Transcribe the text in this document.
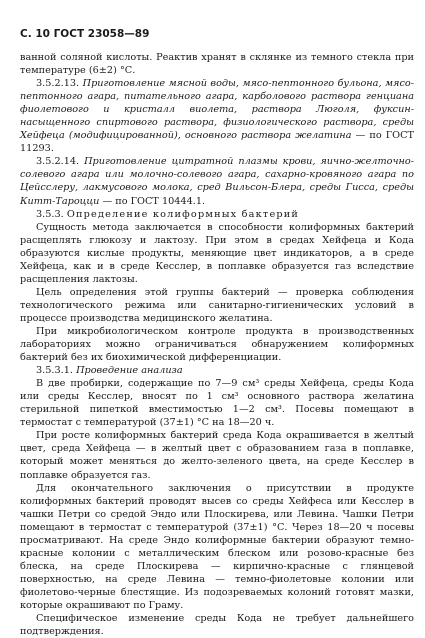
С. 10 ГОСТ 23058—89

ванной соляной кислоты. Реактив хранят в склянке из темного стекла при температуре (6±2) °С.

3.5.2.13. Приготовление мясной воды, мясо-пептонного бульона, мясо-пептонного агара, питательного агара, карболового раствора генциана фиолетового и кристалл виолета, раствора Люголя, фуксин-насыщенного спиртового раствора, физиологического раствора, среды Хейфеца (модифицированной), основного раствора желатина — по ГОСТ 11293.

3.5.2.14. Приготовление цитратной плазмы крови, яично-желточно-солевого агара или молочно-солевого агара, сахарно-кровяного агара по Цейсслеру, лакмусового молока, сред Вильсон-Блера, среды Гисса, среды Китт-Тароцци — по ГОСТ 10444.1.

3.5.3. Определение колиформных бактерий

Сущность метода заключается в способности колиформных бактерий расщеплять глюкозу и лактозу. При этом в средах Хейфеца и Кода образуются кислые продукты, меняющие цвет индикаторов, а в среде Хейфеца, как и в среде Кесслер, в поплавке образуется газ вследствие расщепления лактозы.

Цель определения этой группы бактерий — проверка соблюдения технологического режима или санитарно-гигиенических условий в процессе производства медицинского желатина.

При микробиологическом контроле продукта в производственных лабораториях можно ограничиваться обнаружением колиформных бактерий без их биохимической дифференциации.

3.5.3.1. Проведение анализа

В две пробирки, содержащие по 7—9 см³ среды Хейфеца, среды Кода или среды Кесслер, вносят по 1 см³ основного раствора желатина стерильной пипеткой вместимостью 1—2 см³. Посевы помещают в термостат с температурой (37±1) °С на 18—20 ч.

При росте колиформных бактерий среда Кода окрашивается в желтый цвет, среда Хейфеца — в желтый цвет с образованием газа в поплавке, который может меняться до желто-зеленого цвета, на среде Кесслер в поплавке образуется газ.

Для окончательного заключения о присутствии в продукте колиформных бактерий проводят высев со среды Хейфеса или Кесслер в чашки Петри со средой Эндо или Плоскирева, или Левина. Чашки Петри помещают в термостат с температурой (37±1) °С. Через 18—20 ч посевы просматривают. На среде Эндо колиформные бактерии образуют темно-красные колонии с металлическим блеском или розово-красные без блеска, на среде Плоскирева — кирпично-красные с глянцевой поверхностью, на среде Левина — темно-фиолетовые колонии или фиолетово-черные блестящие. Из подозреваемых колоний готовят мазки, которые окрашивают по Граму.

Специфическое изменение среды Кода не требует дальнейшего подтверждения.
